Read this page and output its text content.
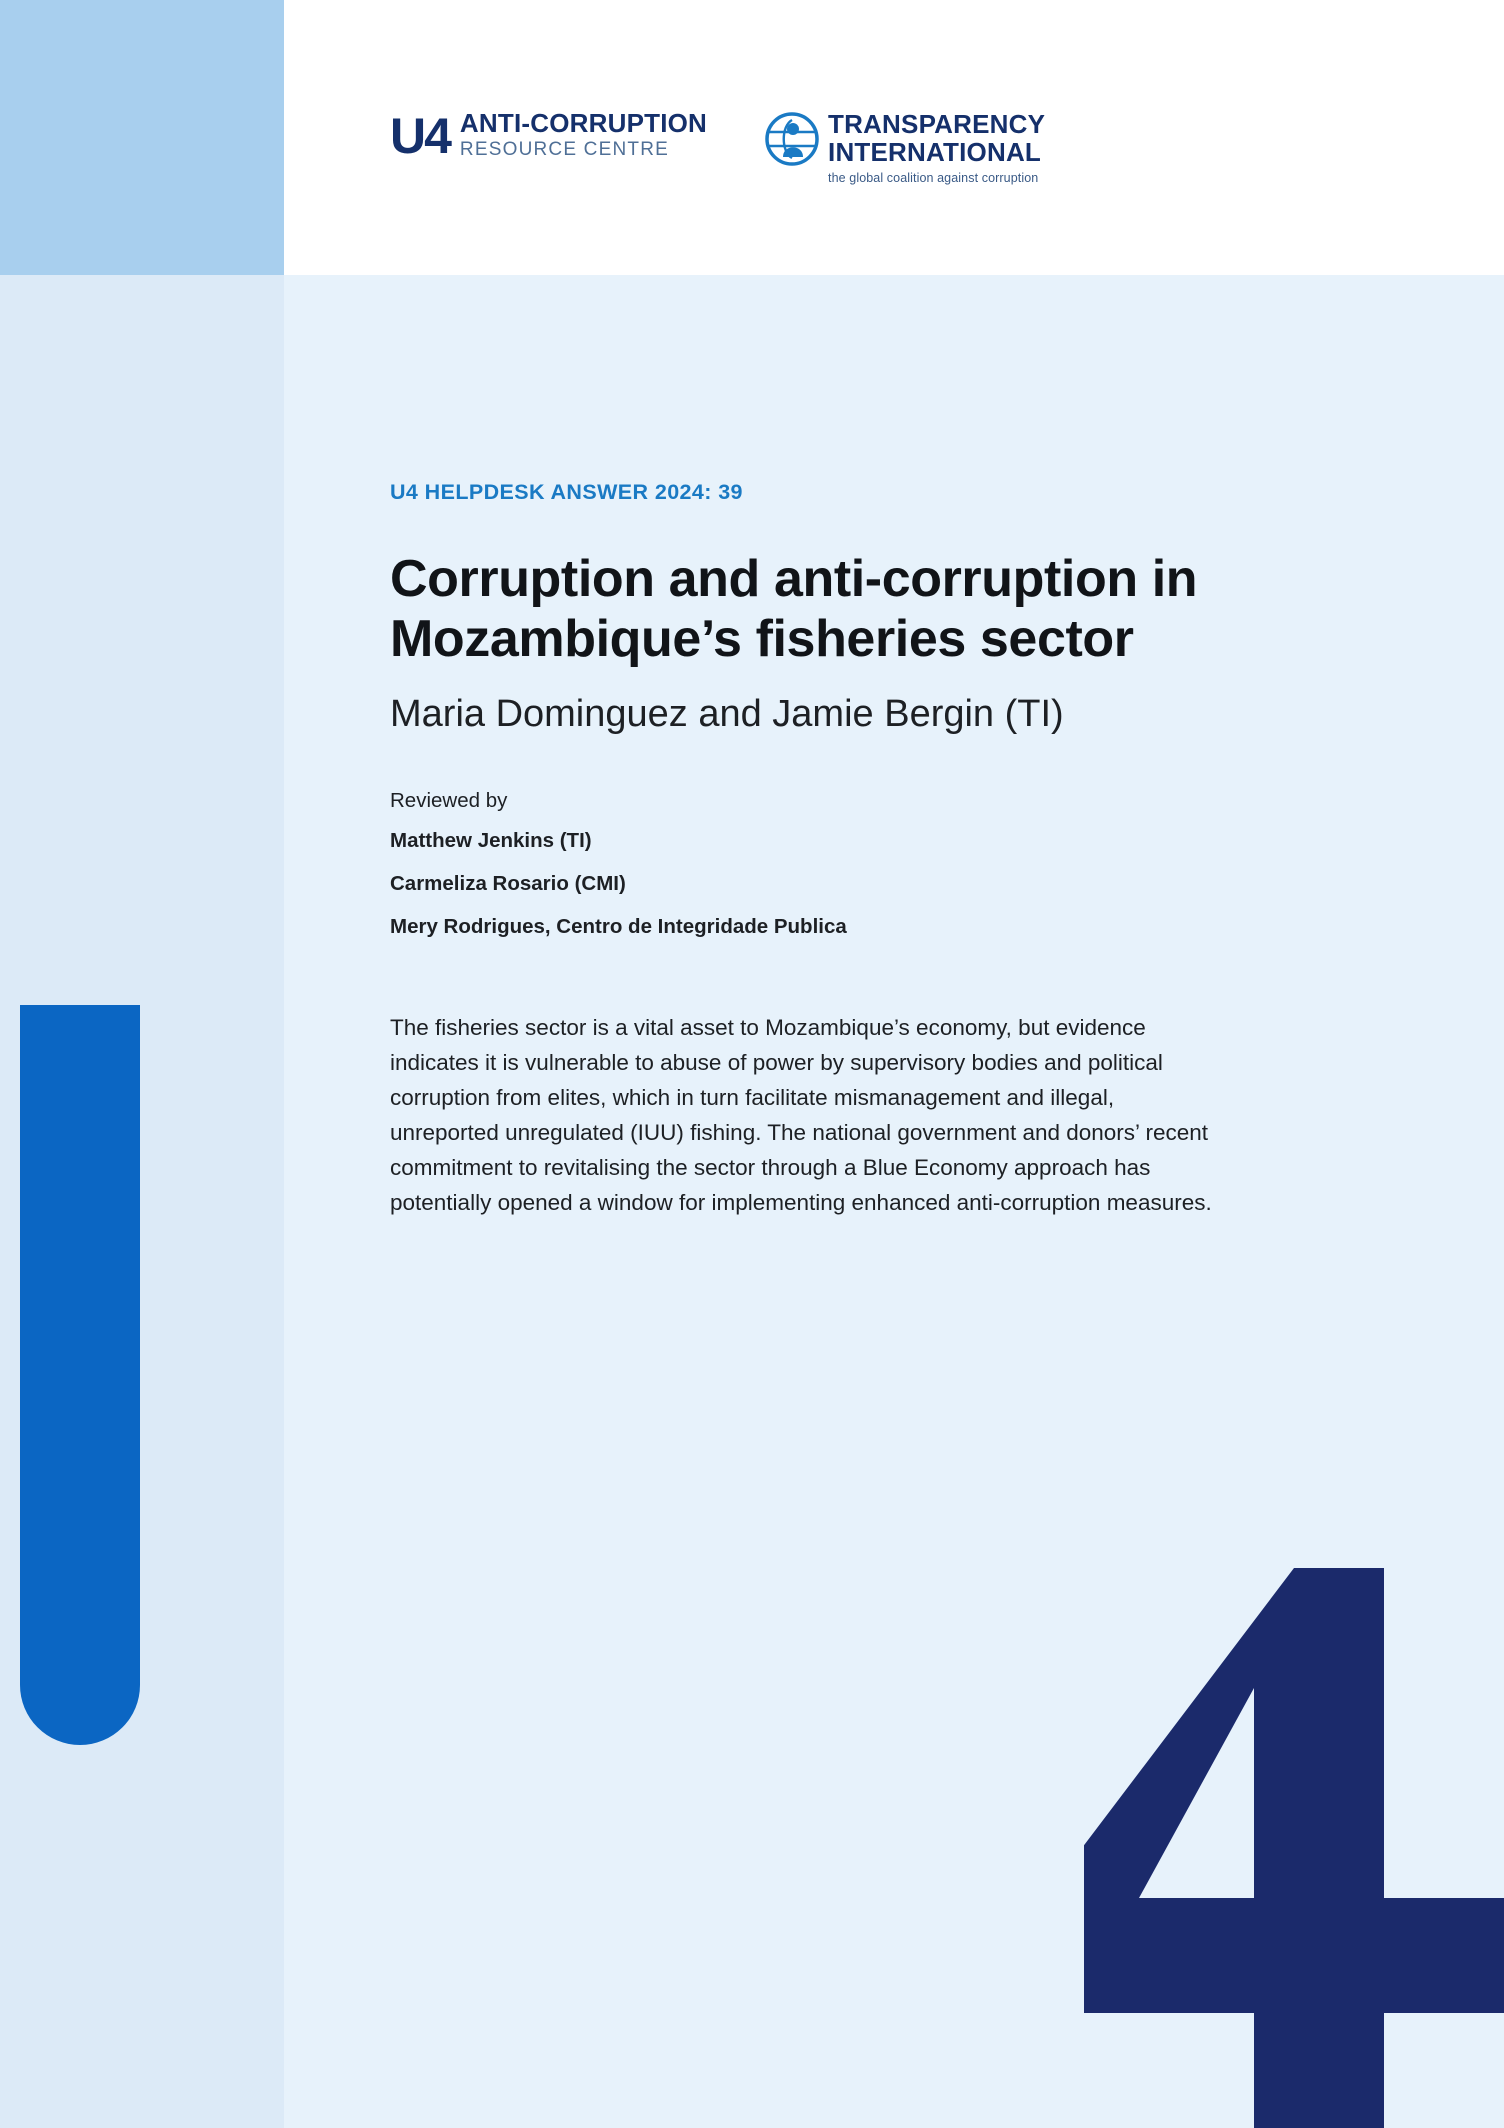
U4 ANTI-CORRUPTION
RESOURCE CENTRE
TRANSPARENCY
INTERNATIONAL
the global coalition against corruption

U4 HELPDESK ANSWER 2024: 39

Corruption and anti-corruption in Mozambique’s fisheries sector

Maria Dominguez and Jamie Bergin (TI)

Reviewed by

Matthew Jenkins (TI)

Carmeliza Rosario (CMI)

Mery Rodrigues, Centro de Integridade Publica

The fisheries sector is a vital asset to Mozambique’s economy, but evidence indicates it is vulnerable to abuse of power by supervisory bodies and political corruption from elites, which in turn facilitate mismanagement and illegal, unreported unregulated (IUU) fishing. The national government and donors’ recent commitment to revitalising the sector through a Blue Economy approach has potentially opened a window for implementing enhanced anti-corruption measures.
